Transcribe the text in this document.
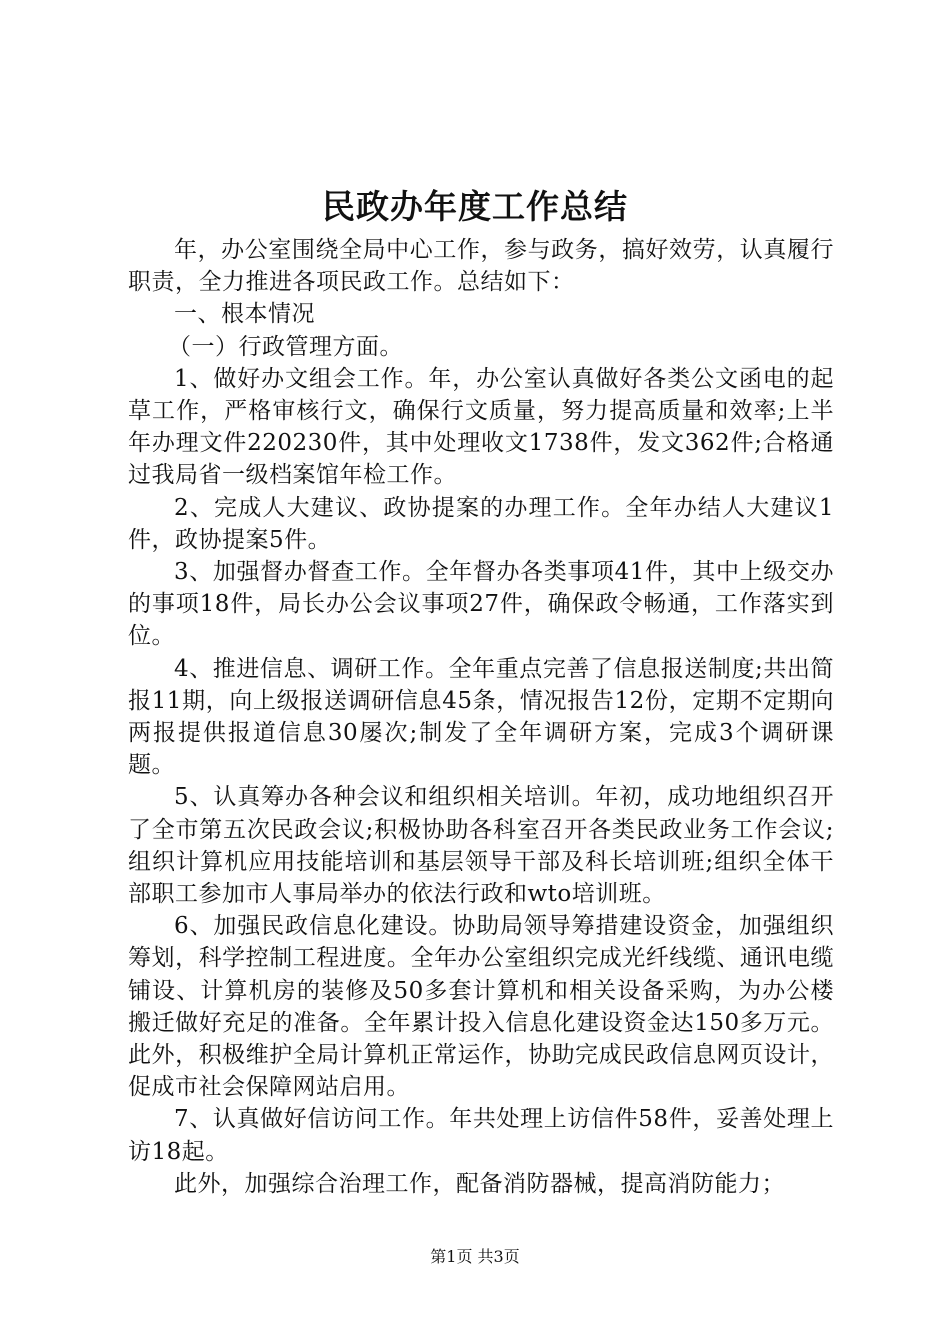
民政办年度工作总结

年，办公室围绕全局中心工作，参与政务，搞好效劳，认真履行职责，全力推进各项民政工作。总结如下：

一、根本情况

（一）行政管理方面。

1、做好办文组会工作。年，办公室认真做好各类公文函电的起草工作，严格审核行文，确保行文质量，努力提高质量和效率;上半年办理文件220230件，其中处理收文1738件，发文362件;合格通过我局省一级档案馆年检工作。

2、完成人大建议、政协提案的办理工作。全年办结人大建议1件，政协提案5件。

3、加强督办督查工作。全年督办各类事项41件，其中上级交办的事项18件，局长办公会议事项27件，确保政令畅通，工作落实到位。

4、推进信息、调研工作。全年重点完善了信息报送制度;共出简报11期，向上级报送调研信息45条，情况报告12份，定期不定期向两报提供报道信息30屡次;制发了全年调研方案，完成3个调研课题。

5、认真筹办各种会议和组织相关培训。年初，成功地组织召开了全市第五次民政会议;积极协助各科室召开各类民政业务工作会议;组织计算机应用技能培训和基层领导干部及科长培训班;组织全体干部职工参加市人事局举办的依法行政和wto培训班。

6、加强民政信息化建设。协助局领导筹措建设资金，加强组织筹划，科学控制工程进度。全年办公室组织完成光纤线缆、通讯电缆铺设、计算机房的装修及50多套计算机和相关设备采购，为办公楼搬迁做好充足的准备。全年累计投入信息化建设资金达150多万元。此外，积极维护全局计算机正常运作，协助完成民政信息网页设计，促成市社会保障网站启用。

7、认真做好信访问工作。年共处理上访信件58件，妥善处理上访18起。

此外，加强综合治理工作，配备消防器械，提高消防能力；

第1页 共3页
